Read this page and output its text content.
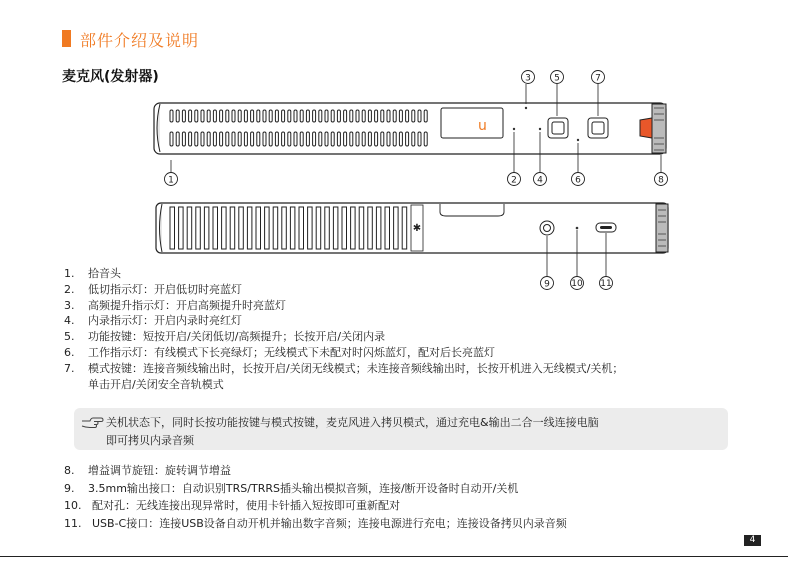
部件介绍及说明
麦克风(发射器)
u
3	5	7
1	2 4	6	8
✱
9 10 11
1.	拾音头
2.	低切指示灯：开启低切时亮蓝灯
3.	高频提升指示灯：开启高频提升时亮蓝灯
4.	内录指示灯：开启内录时亮红灯
5.	功能按键：短按开启/关闭低切/高频提升；长按开启/关闭内录
6.	工作指示灯：有线模式下长亮绿灯；无线模式下未配对时闪烁蓝灯，配对后长亮蓝灯
7.	模式按键：连接音频线输出时，长按开启/关闭无线模式；未连接音频线输出时，长按开机进入无线模式/关机；
单击开启/关闭安全音轨模式
关机状态下，同时长按功能按键与模式按键，麦克风进入拷贝模式，通过充电&输出二合一线连接电脑
即可拷贝内录音频
8.	增益调节旋钮：旋转调节增益
9.	3.5mm输出接口：自动识别TRS/TRRS插头输出模拟音频，连接/断开设备时自动开/关机
10. 配对孔：无线连接出现异常时，使用卡针插入短按即可重新配对
11. USB-C接口：连接USB设备自动开机并输出数字音频；连接电源进行充电；连接设备拷贝内录音频
4
